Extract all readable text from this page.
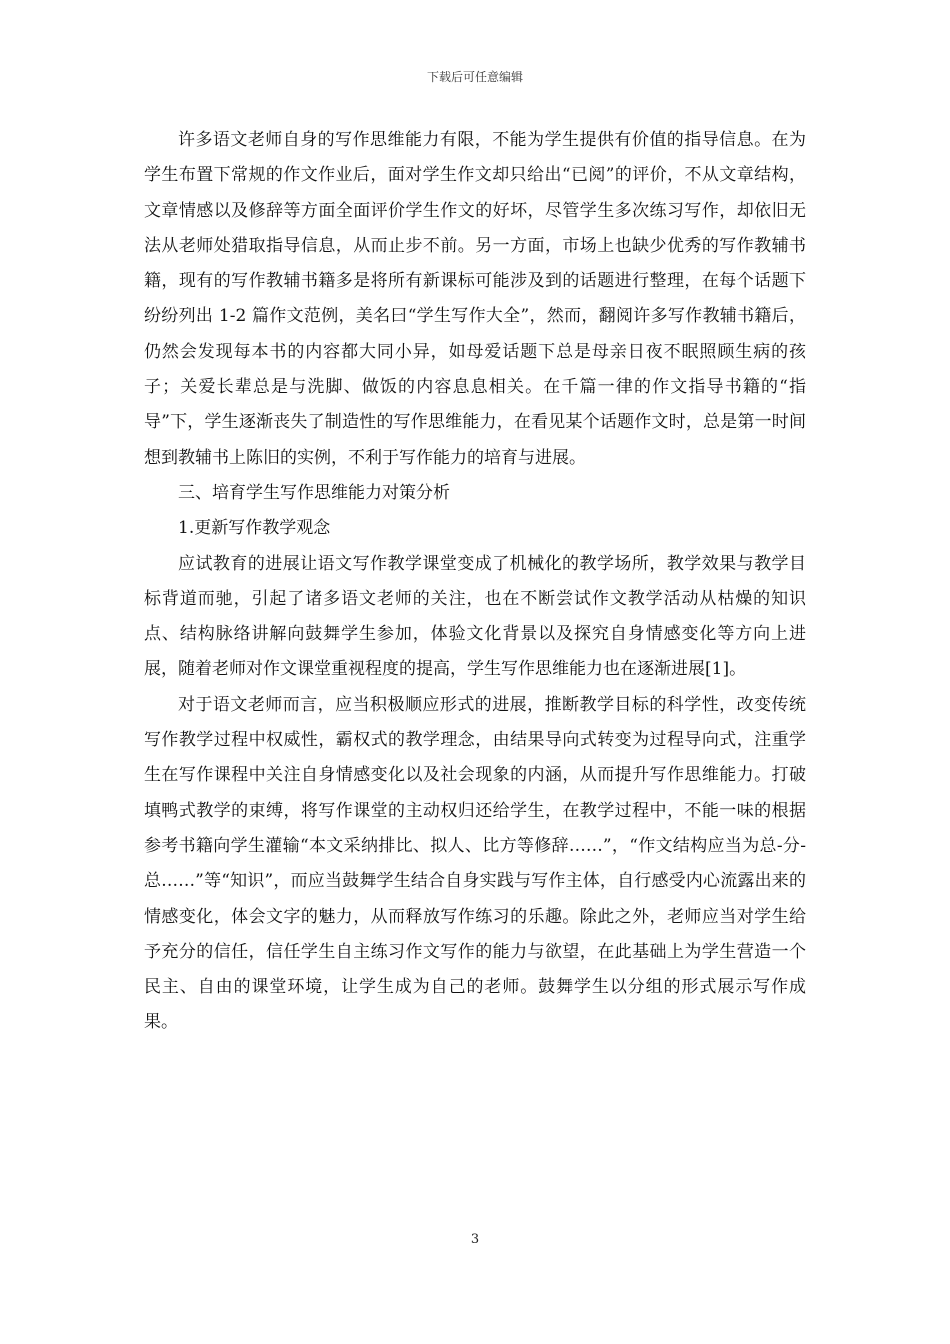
下载后可任意编辑

许多语文老师自身的写作思维能力有限，不能为学生提供有价值的指导信息。在为学生布置下常规的作文作业后，面对学生作文却只给出“已阅”的评价，不从文章结构，文章情感以及修辞等方面全面评价学生作文的好坏，尽管学生多次练习写作，却依旧无法从老师处猎取指导信息，从而止步不前。另一方面，市场上也缺少优秀的写作教辅书籍，现有的写作教辅书籍多是将所有新课标可能涉及到的话题进行整理，在每个话题下纷纷列出 1-2 篇作文范例，美名曰“学生写作大全”，然而，翻阅许多写作教辅书籍后，仍然会发现每本书的内容都大同小异，如母爱话题下总是母亲日夜不眠照顾生病的孩子；关爱长辈总是与洗脚、做饭的内容息息相关。在千篇一律的作文指导书籍的“指导”下，学生逐渐丧失了制造性的写作思维能力，在看见某个话题作文时，总是第一时间想到教辅书上陈旧的实例，不利于写作能力的培育与进展。

三、培育学生写作思维能力对策分析

1.更新写作教学观念

应试教育的进展让语文写作教学课堂变成了机械化的教学场所，教学效果与教学目标背道而驰，引起了诸多语文老师的关注，也在不断尝试作文教学活动从枯燥的知识点、结构脉络讲解向鼓舞学生参加，体验文化背景以及探究自身情感变化等方向上进展，随着老师对作文课堂重视程度的提高，学生写作思维能力也在逐渐进展[1]。

对于语文老师而言，应当积极顺应形式的进展，推断教学目标的科学性，改变传统写作教学过程中权威性，霸权式的教学理念，由结果导向式转变为过程导向式，注重学生在写作课程中关注自身情感变化以及社会现象的内涵，从而提升写作思维能力。打破填鸭式教学的束缚，将写作课堂的主动权归还给学生，在教学过程中，不能一味的根据参考书籍向学生灌输“本文采纳排比、拟人、比方等修辞……”，“作文结构应当为总-分-总……”等“知识”，而应当鼓舞学生结合自身实践与写作主体，自行感受内心流露出来的情感变化，体会文字的魅力，从而释放写作练习的乐趣。除此之外，老师应当对学生给予充分的信任，信任学生自主练习作文写作的能力与欲望，在此基础上为学生营造一个民主、自由的课堂环境，让学生成为自己的老师。鼓舞学生以分组的形式展示写作成果。

3
